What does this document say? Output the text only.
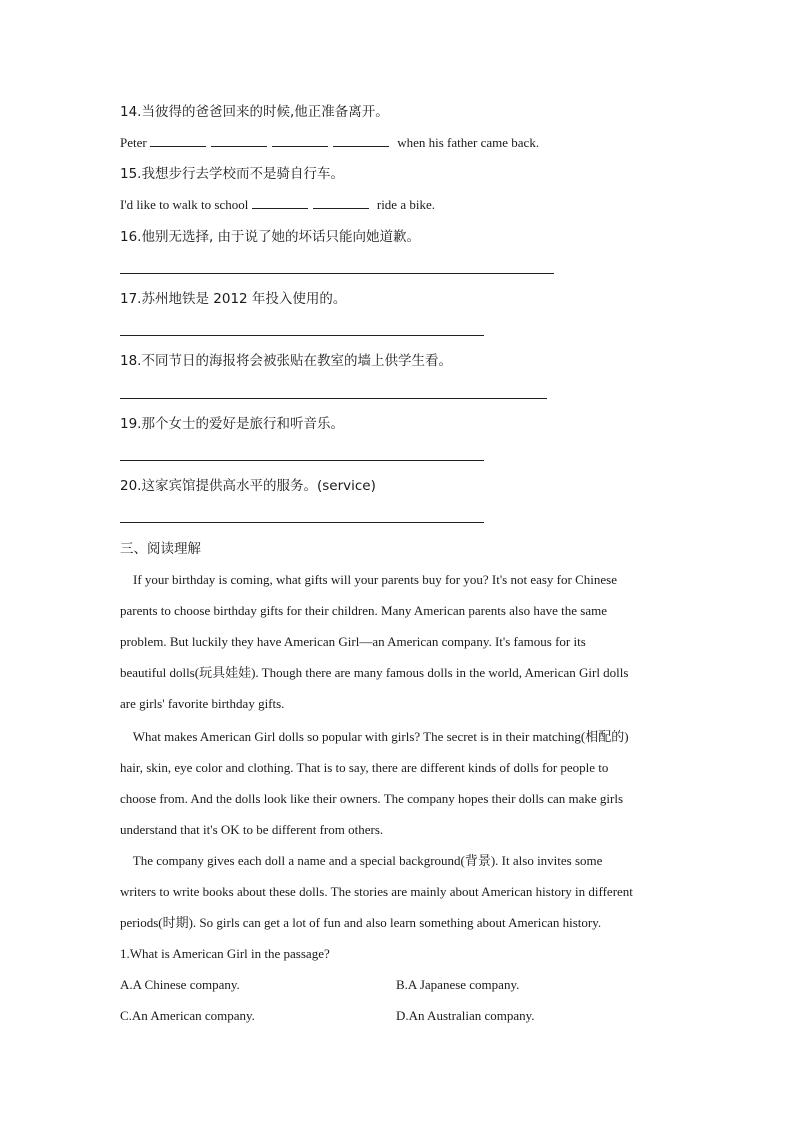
14.当彼得的爸爸回来的时候,他正准备离开。
Peter	when his father came back.
15.我想步行去学校而不是骑自行车。
I'd like to walk to school	ride a bike.
16.他别无选择, 由于说了她的坏话只能向她道歉。
17.苏州地铁是 2012 年投入使用的。
18.不同节日的海报将会被张贴在教室的墙上供学生看。
19.那个女士的爱好是旅行和听音乐。
20.这家宾馆提供高水平的服务。(service)
三、阅读理解
If your birthday is coming, what gifts will your parents buy for you? It's not easy for Chinese
parents to choose birthday gifts for their children. Many American parents also have the same
problem. But luckily they have American Girl—an American company. It's famous for its
beautiful dolls(玩具娃娃). Though there are many famous dolls in the world, American Girl dolls
are girls' favorite birthday gifts.
What makes American Girl dolls so popular with girls? The secret is in their matching(相配的)
hair, skin, eye color and clothing. That is to say, there are different kinds of dolls for people to
choose from. And the dolls look like their owners. The company hopes their dolls can make girls
understand that it's OK to be different from others.
The company gives each doll a name and a special background(背景). It also invites some
writers to write books about these dolls. The stories are mainly about American history in different
periods(时期). So girls can get a lot of fun and also learn something about American history.
1.What is American Girl in the passage?
A.A Chinese company.	B.A Japanese company.
C.An American company.	D.An Australian company.
